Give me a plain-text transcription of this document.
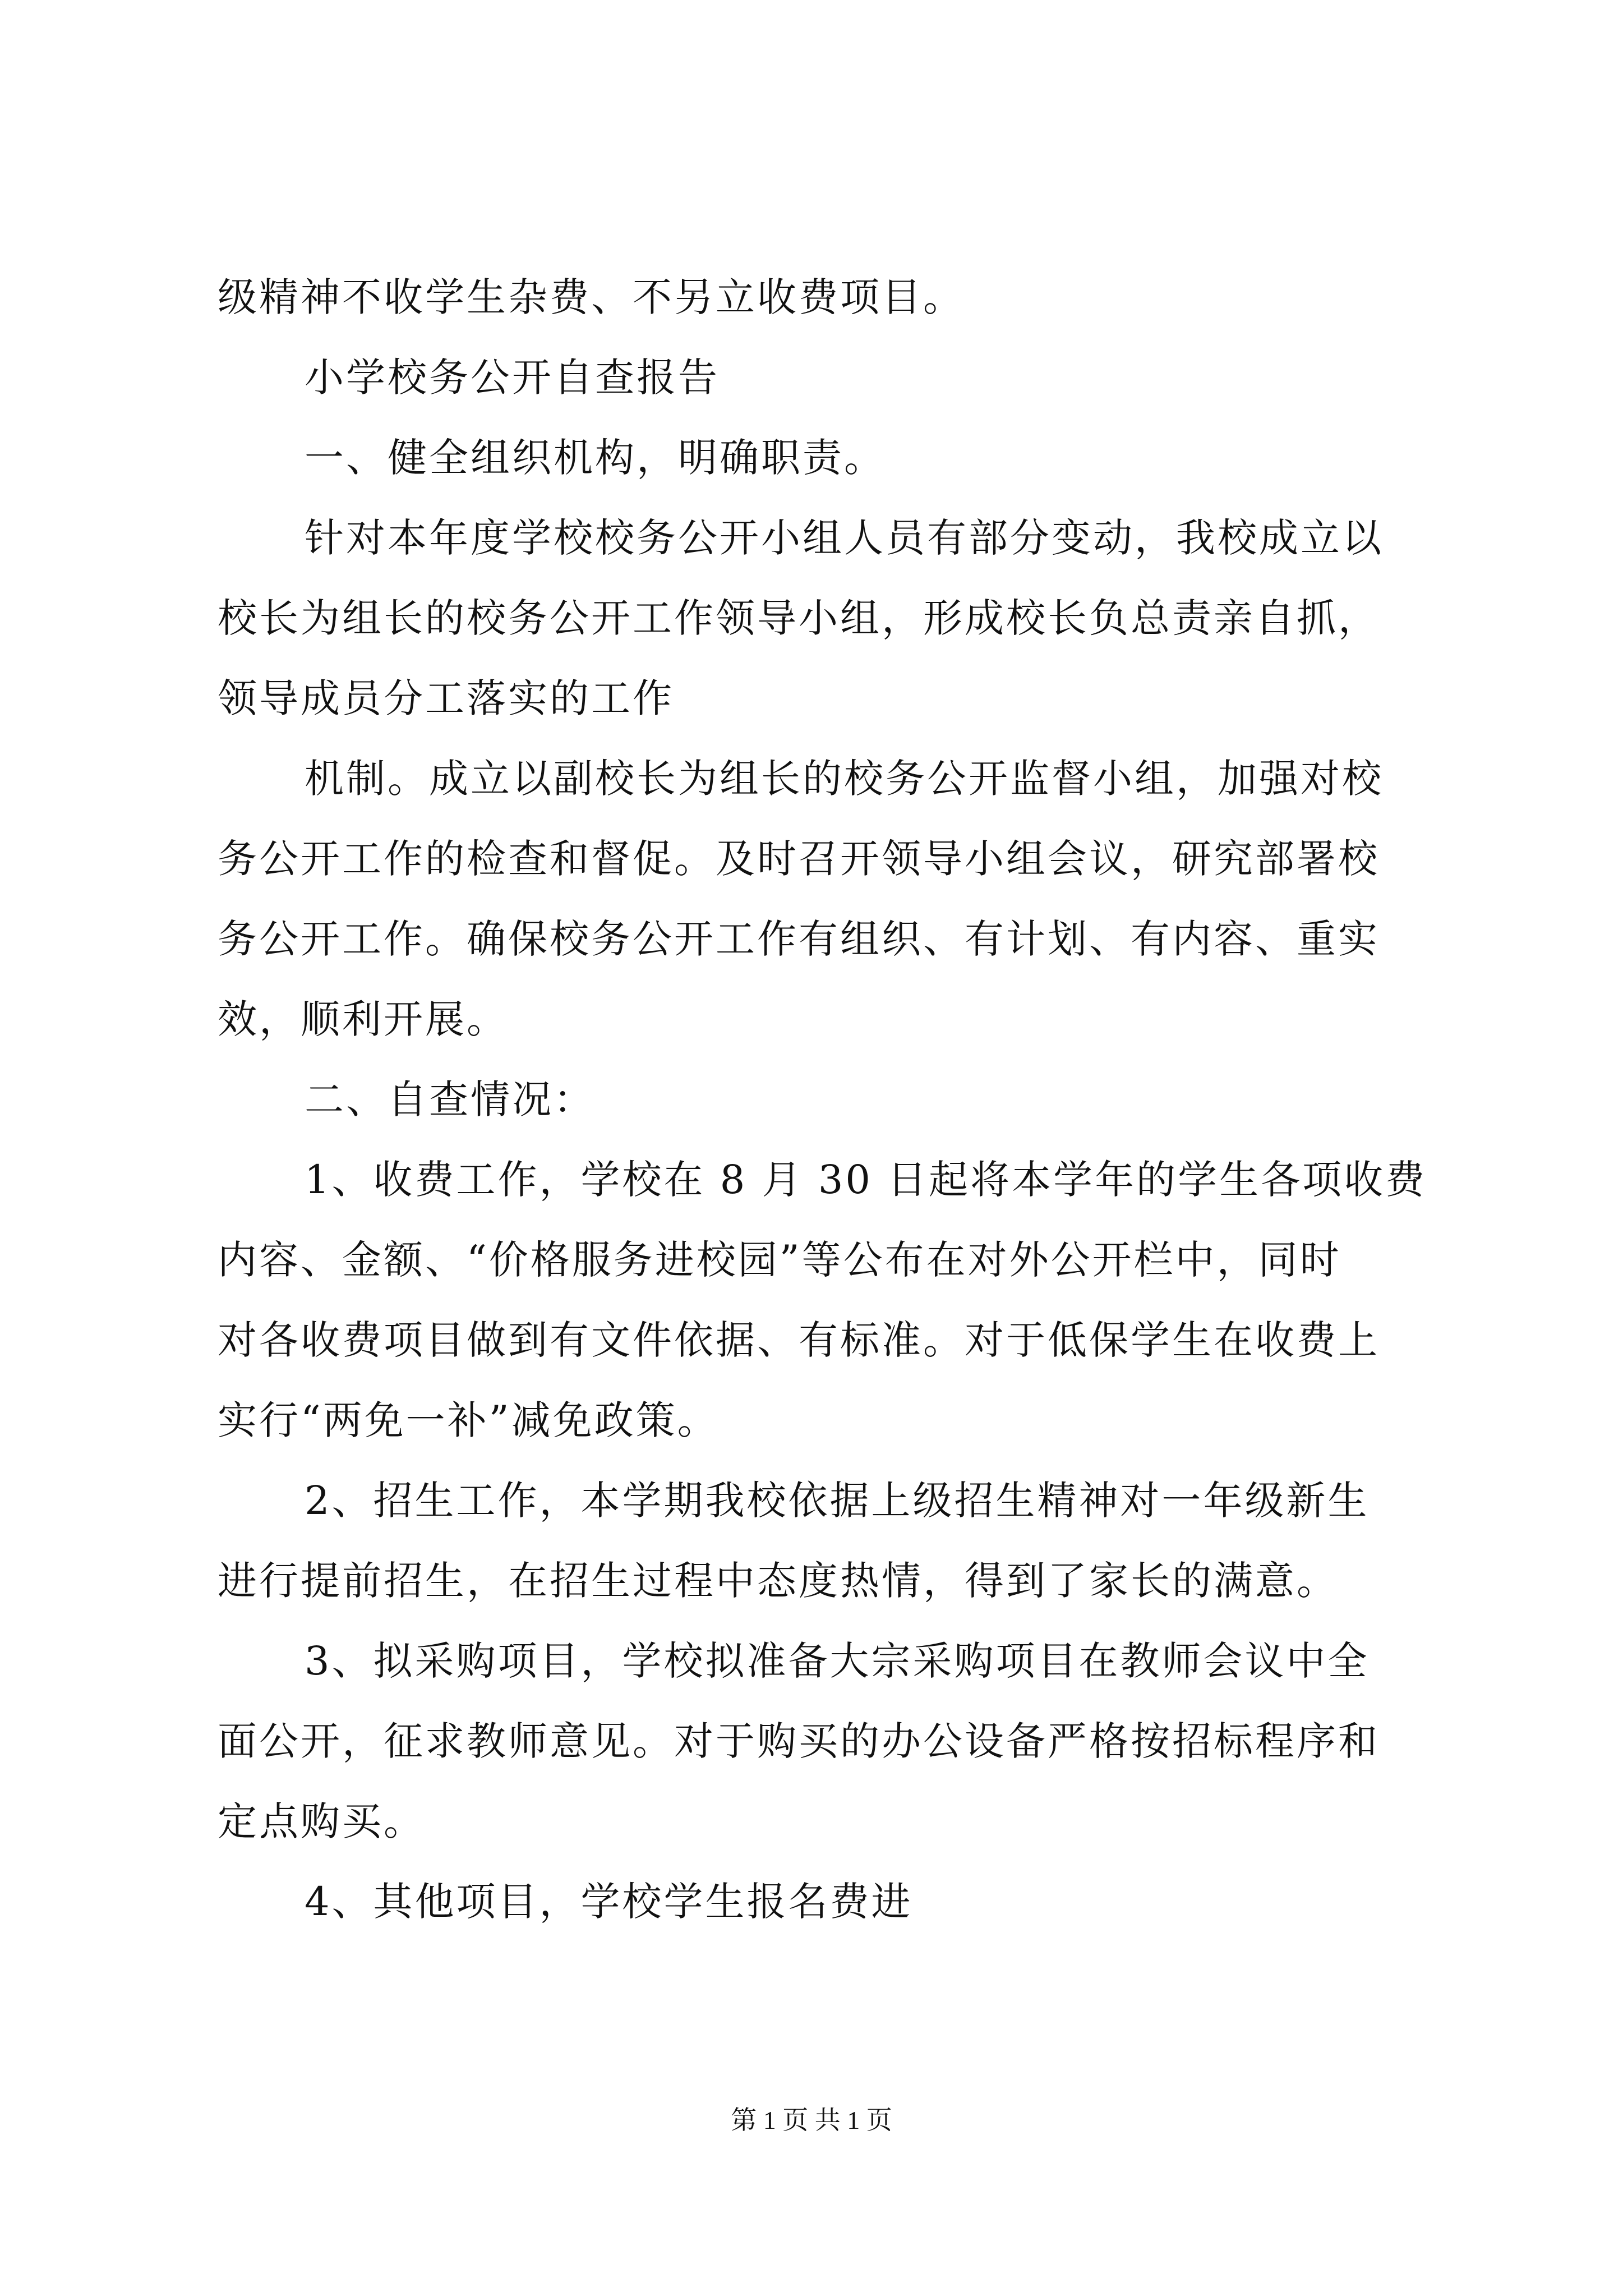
级精神不收学生杂费、不另立收费项目。
小学校务公开自查报告
一、健全组织机构，明确职责。
针对本年度学校校务公开小组人员有部分变动，我校成立以
校长为组长的校务公开工作领导小组，形成校长负总责亲自抓，
领导成员分工落实的工作
机制。成立以副校长为组长的校务公开监督小组，加强对校
务公开工作的检查和督促。及时召开领导小组会议，研究部署校
务公开工作。确保校务公开工作有组织、有计划、有内容、重实
效，顺利开展。
二、自查情况：
1、收费工作，学校在 8 月 30 日起将本学年的学生各项收费
内容、金额、“价格服务进校园”等公布在对外公开栏中，同时
对各收费项目做到有文件依据、有标准。对于低保学生在收费上
实行“两免一补”减免政策。
2、招生工作，本学期我校依据上级招生精神对一年级新生
进行提前招生，在招生过程中态度热情，得到了家长的满意。
3、拟采购项目，学校拟准备大宗采购项目在教师会议中全
面公开，征求教师意见。对于购买的办公设备严格按招标程序和
定点购买。
4、其他项目，学校学生报名费进
第 1 页 共 1 页
